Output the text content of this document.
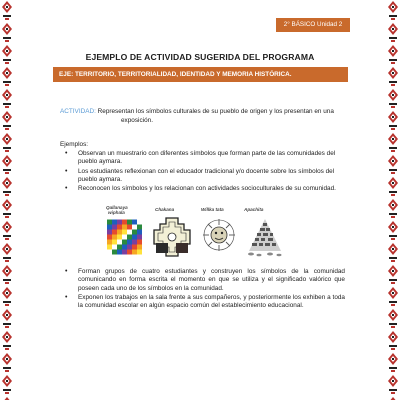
2° BÁSICO Unidad 2
EJEMPLO DE ACTIVIDAD SUGERIDA DEL PROGRAMA
EJE: TERRITORIO, TERRITORIALIDAD, IDENTIDAD Y MEMORIA HISTÓRICA.
ACTIVIDAD: Representan los símbolos culturales de su pueblo de origen y los presentan en una
exposición.
Ejemplos:
• Observan un muestrario con diferentes símbolos que forman parte de las comunidades del pueblo aymara.
• Los estudiantes reflexionan con el educador tradicional y/o docente sobre los símbolos del pueblo aymara.
• Reconocen los símbolos y los relacionan con actividades socioculturales de su comunidad.
Qallanaya
wiphala
Chakana	Willka tata	Apachita
• Forman grupos de cuatro estudiantes y construyen los símbolos de la comunidad comunicando en forma escrita el momento en que se utiliza y el significado valórico que poseen cada uno de los símbolos en la comunidad.
• Exponen los trabajos en la sala frente a sus compañeros, y posteriormente los exhiben a toda la comunidad escolar en algún espacio común del establecimiento educacional.
